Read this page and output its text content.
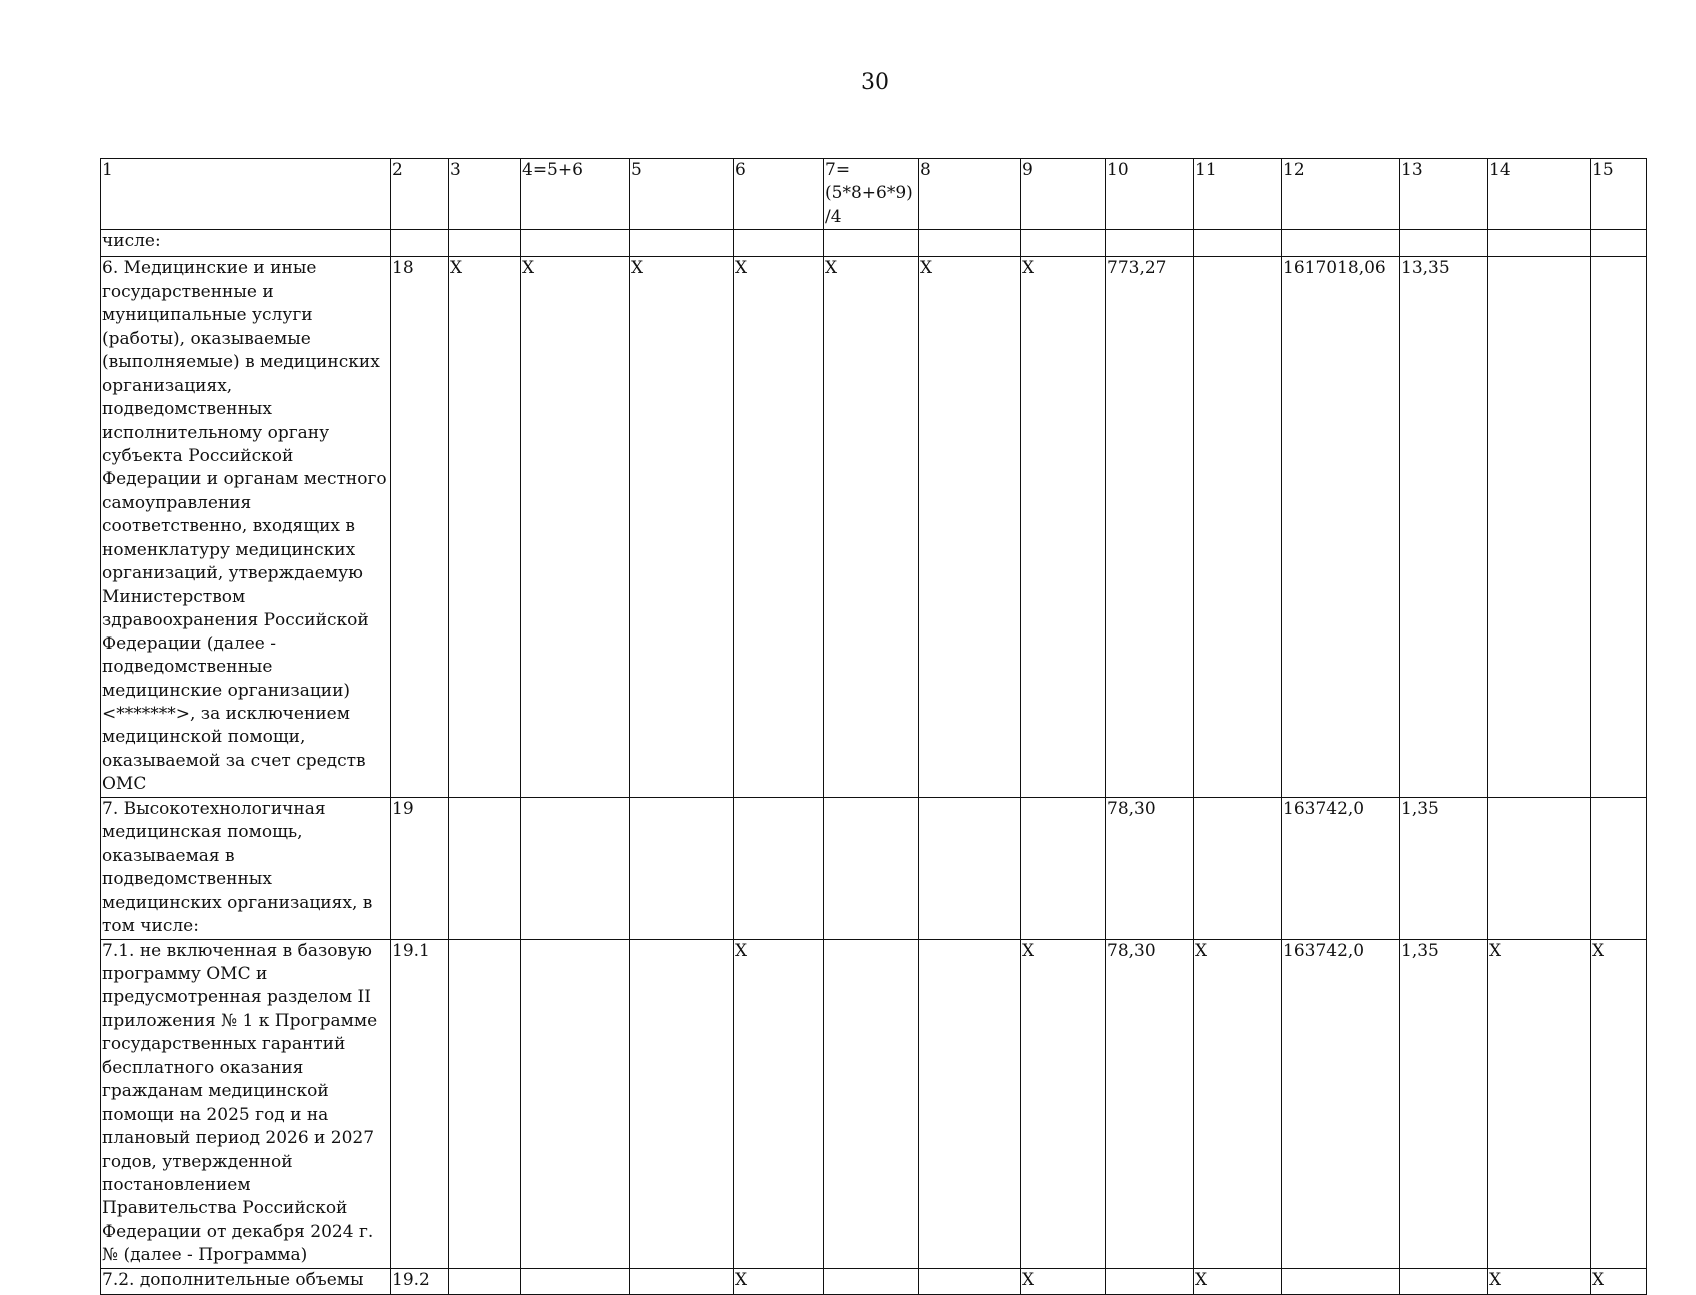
30
1	2	3	4=5+6	5	6	7=(5*8+6*9)/4	8	9	10	11	12	13	14	15
числе:														
6. Медицинские и иные государственные и муниципальные услуги (работы), оказываемые (выполняемые) в медицинских организациях, подведомственных исполнительному органу субъекта Российской Федерации и органам местного самоуправления соответственно, входящих в номенклатуру медицинских организаций, утверждаемую Министерством здравоохранения Российской Федерации (далее - подведомственные медицинские организации) <*******>, за исключением медицинской помощи, оказываемой за счет средств ОМС	18	X	X	X	X	X	X	X	773,27		1617018,06	13,35		
7. Высокотехнологичная медицинская помощь, оказываемая в подведомственных медицинских организациях, в том числе:	19								78,30		163742,0	1,35		
7.1. не включенная в базовую программу ОМС и предусмотренная разделом II приложения № 1 к Программе государственных гарантий бесплатного оказания гражданам медицинской помощи на 2025 год и на плановый период 2026 и 2027 годов, утвержденной постановлением Правительства Российской Федерации от декабря 2024 г. № (далее - Программа)	19.1				X			X	78,30	X	163742,0	1,35	X	X
7.2. дополнительные объемы	19.2				X			X		X			X	X
